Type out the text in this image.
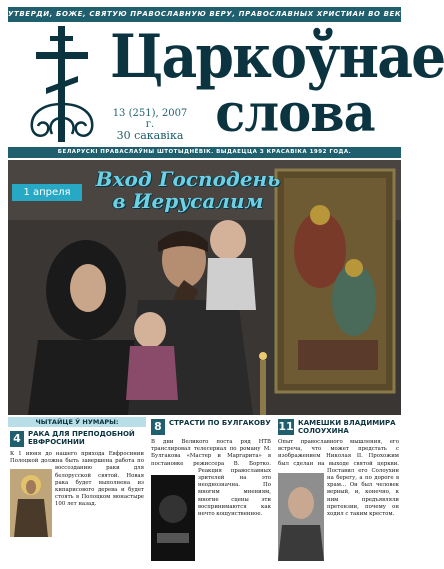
УТВЕРДИ, БОЖЕ, СВЯТУЮ ПРАВОСЛАВНУЮ ВЕРУ, ПРАВОСЛАВНЫХ ХРИСТИАН ВО ВЕК ВЕКА!
Царкоўнае
13 (251), 2007 г.
30 сакавіка слова
БЕЛАРУСКІ ПРАВАСЛАЎНЫ ШТОТЫДНЁВІК. ВЫДАЕЦЦА З КРАСАВІКА 1992 ГОДА.
1 апреля
Вход Господень
в Иерусалим
ЧЫТАЙЦЕ Ў НУМАРЫ:
4	РАКА ДЛЯ ПРЕПОДОБНОЙ ЕВФРОСИНИИ
К 1 июня до нашего прихода Евфросинии Полоцкой должна быть завершена работа по воссозданию раки для белорусской святой. Новая рака будет выполнена из кипарисового дерева и будет стоять в Полоцком монастыре 100 лет назад.
8	СТРАСТИ ПО БУЛГАКОВУ
В дни Великого поста ряд НТВ транслировал телесериал по роману М. Булгакова «Мастер и Маргарита» в постановке режиссера В. Бортко. Реакция православных зрителей на это неоднозначна. По многим мнениям, многие сцены эти воспринимаются как нечто кощунственное.
11 КАМЕШКИ ВЛАДИМИРА СОЛОУХИНА
Опыт православного мышления, его встреча, что может предстать с изображением Николая II. Прохожим был сделан на выходе святой церкви. Поставил его Солоухин на берегу, а по дороге в храм... Он был человек верный, и, конечно, к ним предъявляли претензии, почему он ходил с таким крестом.
